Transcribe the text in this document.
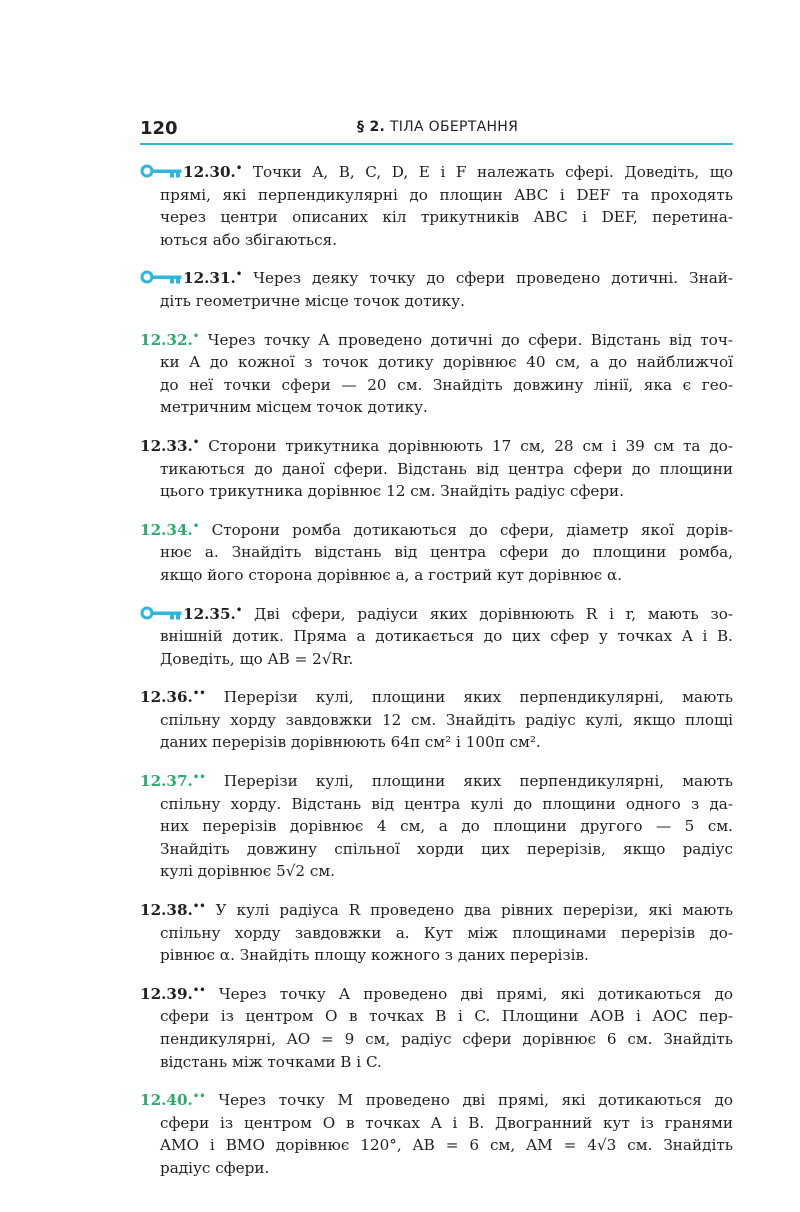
120	§ 2. ТІЛА ОБЕРТАННЯ
12.30.• Точки A, B, C, D, E і F належать сфері. Доведіть, що
прямі, які перпендикулярні до площин ABC і DEF та проходять
через центри описаних кіл трикутників ABC і DEF, перетина-
ються або збігаються.
12.31.• Через деяку точку до сфери проведено дотичні. Знай-
діть геометричне місце точок дотику.
12.32.• Через точку A проведено дотичні до сфери. Відстань від точ-
ки A до кожної з точок дотику дорівнює 40 см, а до найближчої
до неї точки сфери — 20 см. Знайдіть довжину лінії, яка є гео-
метричним місцем точок дотику.
12.33.• Сторони трикутника дорівнюють 17 см, 28 см і 39 см та до-
тикаються до даної сфери. Відстань від центра сфери до площини
цього трикутника дорівнює 12 см. Знайдіть радіус сфери.
12.34.• Сторони ромба дотикаються до сфери, діаметр якої дорів-
нює a. Знайдіть відстань від центра сфери до площини ромба,
якщо його сторона дорівнює a, а гострий кут дорівнює α.
12.35.• Дві сфери, радіуси яких дорівнюють R і r, мають зо-
внішній дотик. Пряма a дотикається до цих сфер у точках A і B.
Доведіть, що AB = 2√Rr.
12.36.•• Перерізи кулі, площини яких перпендикулярні, мають
спільну хорду завдовжки 12 см. Знайдіть радіус кулі, якщо площі
даних перерізів дорівнюють 64π см² і 100π см².
12.37.•• Перерізи кулі, площини яких перпендикулярні, мають
спільну хорду. Відстань від центра кулі до площини одного з да-
них перерізів дорівнює 4 см, а до площини другого — 5 см.
Знайдіть довжину спільної хорди цих перерізів, якщо радіус
кулі дорівнює 5√2 см.
12.38.•• У кулі радіуса R проведено два рівних перерізи, які мають
спільну хорду завдовжки a. Кут між площинами перерізів до-
рівнює α. Знайдіть площу кожного з даних перерізів.
12.39.•• Через точку A проведено дві прямі, які дотикаються до
сфери із центром O в точках B і C. Площини AOB і AOC пер-
пендикулярні, AO = 9 см, радіус сфери дорівнює 6 см. Знайдіть
відстань між точками B і C.
12.40.•• Через точку M проведено дві прямі, які дотикаються до
сфери із центром O в точках A і B. Двогранний кут із гранями
AMO і BMO дорівнює 120°, AB = 6 см, AM = 4√3 см. Знайдіть
радіус сфери.
